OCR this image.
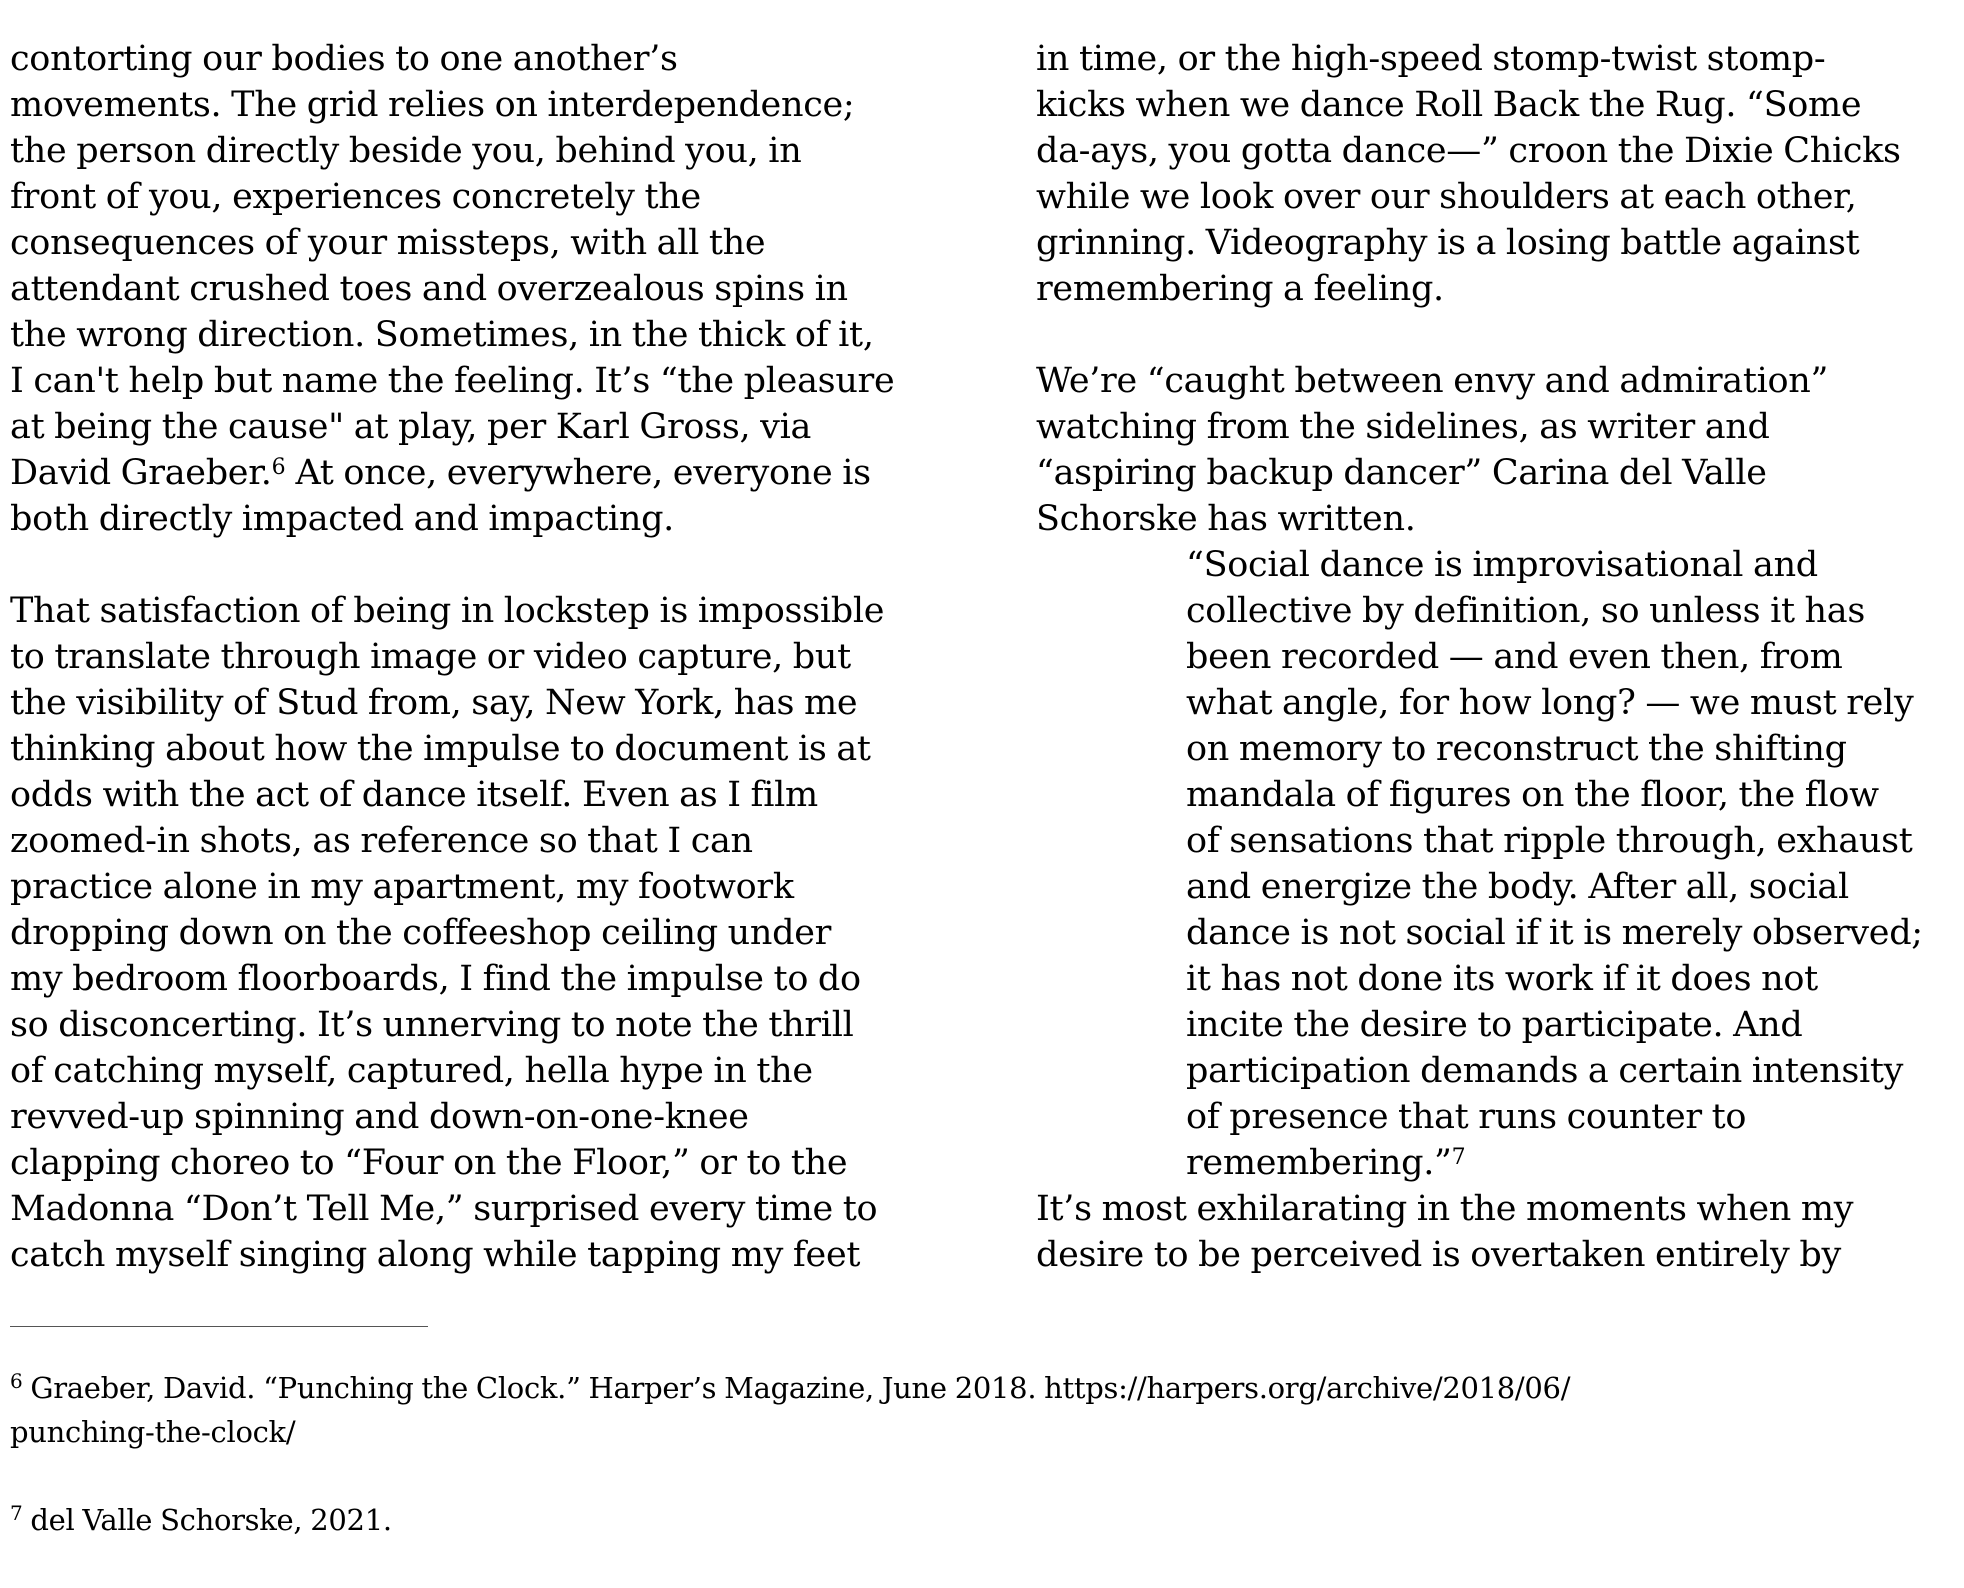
contorting our bodies to one another’s
movements. The grid relies on interdependence;
the person directly beside you, behind you, in
front of you, experiences concretely the
consequences of your missteps, with all the
attendant crushed toes and overzealous spins in
the wrong direction. Sometimes, in the thick of it,
I can't help but name the feeling. It’s “the pleasure
at being the cause" at play, per Karl Gross, via
David Graeber.$^6$ At once, everywhere, everyone is
both directly impacted and impacting.

That satisfaction of being in lockstep is impossible
to translate through image or video capture, but
the visibility of Stud from, say, New York, has me
thinking about how the impulse to document is at
odds with the act of dance itself. Even as I film
zoomed-in shots, as reference so that I can
practice alone in my apartment, my footwork
dropping down on the coffeeshop ceiling under
my bedroom floorboards, I find the impulse to do
so disconcerting. It’s unnerving to note the thrill
of catching myself, captured, hella hype in the
revved-up spinning and down-on-one-knee
clapping choreo to “Four on the Floor,” or to the
Madonna “Don’t Tell Me,” surprised every time to
catch myself singing along while tapping my feet

in time, or the high-speed stomp-twist stomp-
kicks when we dance Roll Back the Rug. “Some
da-ays, you gotta dance—” croon the Dixie Chicks
while we look over our shoulders at each other,
grinning. Videography is a losing battle against
remembering a feeling.

We’re “caught between envy and admiration”
watching from the sidelines, as writer and
“aspiring backup dancer” Carina del Valle
Schorske has written.

“Social dance is improvisational and
collective by definition, so unless it has
been recorded — and even then, from
what angle, for how long? — we must rely
on memory to reconstruct the shifting
mandala of figures on the floor, the flow
of sensations that ripple through, exhaust
and energize the body. After all, social
dance is not social if it is merely observed;
it has not done its work if it does not
incite the desire to participate. And
participation demands a certain intensity
of presence that runs counter to
remembering.”$^7$

It’s most exhilarating in the moments when my
desire to be perceived is overtaken entirely by

$^6$ Graeber, David. “Punching the Clock.” Harper’s Magazine, June 2018. https://harpers.org/archive/2018/06/
punching-the-clock/

$^7$ del Valle Schorske, 2021.
